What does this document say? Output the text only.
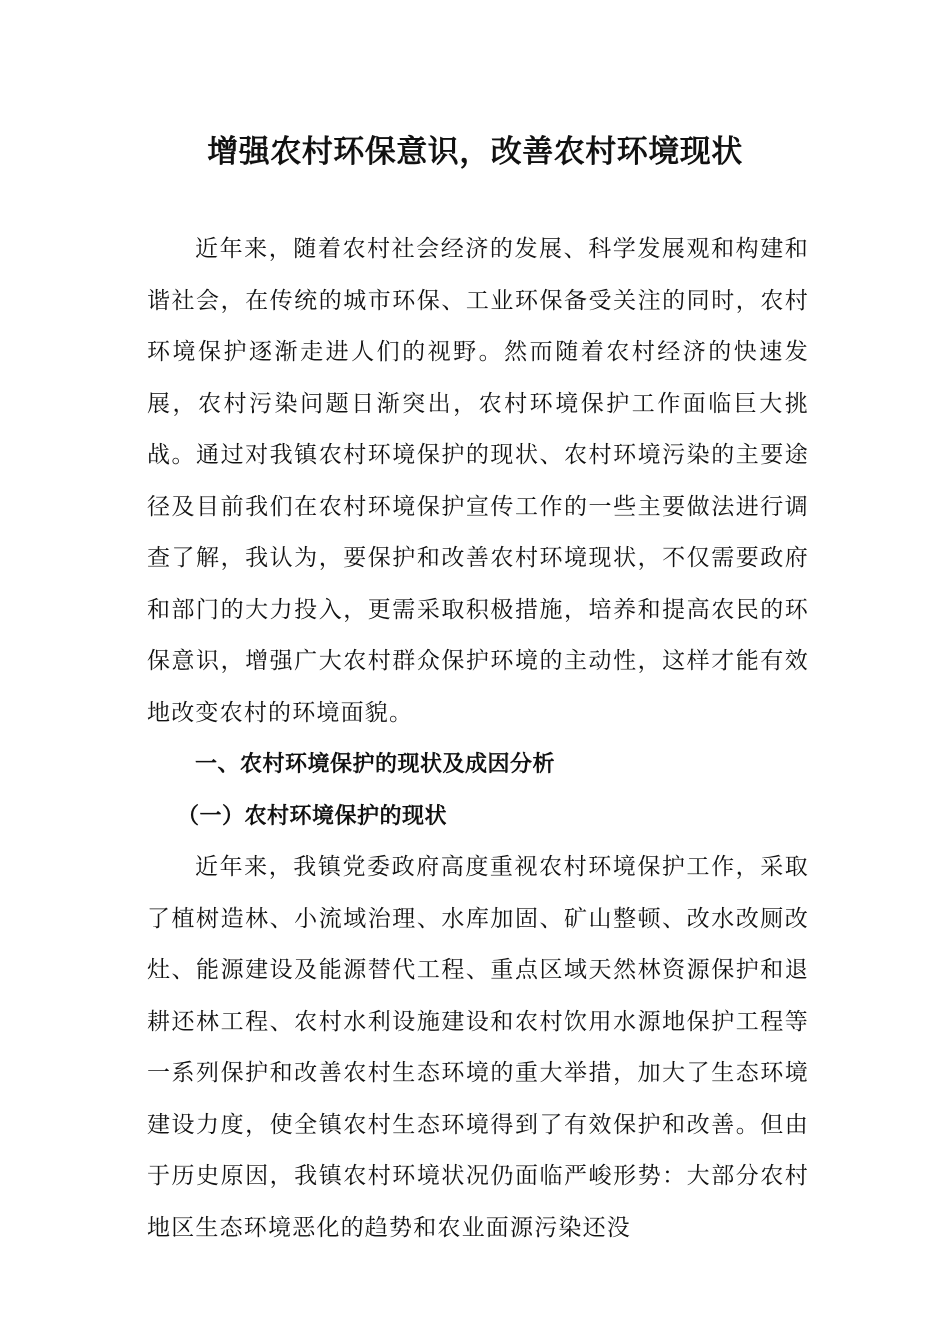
增强农村环保意识，改善农村环境现状

近年来，随着农村社会经济的发展、科学发展观和构建和谐社会，在传统的城市环保、工业环保备受关注的同时，农村环境保护逐渐走进人们的视野。然而随着农村经济的快速发展，农村污染问题日渐突出，农村环境保护工作面临巨大挑战。通过对我镇农村环境保护的现状、农村环境污染的主要途径及目前我们在农村环境保护宣传工作的一些主要做法进行调查了解，我认为，要保护和改善农村环境现状，不仅需要政府和部门的大力投入，更需采取积极措施，培养和提高农民的环保意识，增强广大农村群众保护环境的主动性，这样才能有效地改变农村的环境面貌。

一、农村环境保护的现状及成因分析

（一）农村环境保护的现状

近年来，我镇党委政府高度重视农村环境保护工作，采取了植树造林、小流域治理、水库加固、矿山整顿、改水改厕改灶、能源建设及能源替代工程、重点区域天然林资源保护和退耕还林工程、农村水利设施建设和农村饮用水源地保护工程等一系列保护和改善农村生态环境的重大举措，加大了生态环境建设力度，使全镇农村生态环境得到了有效保护和改善。但由于历史原因，我镇农村环境状况仍面临严峻形势：大部分农村地区生态环境恶化的趋势和农业面源污染还没
